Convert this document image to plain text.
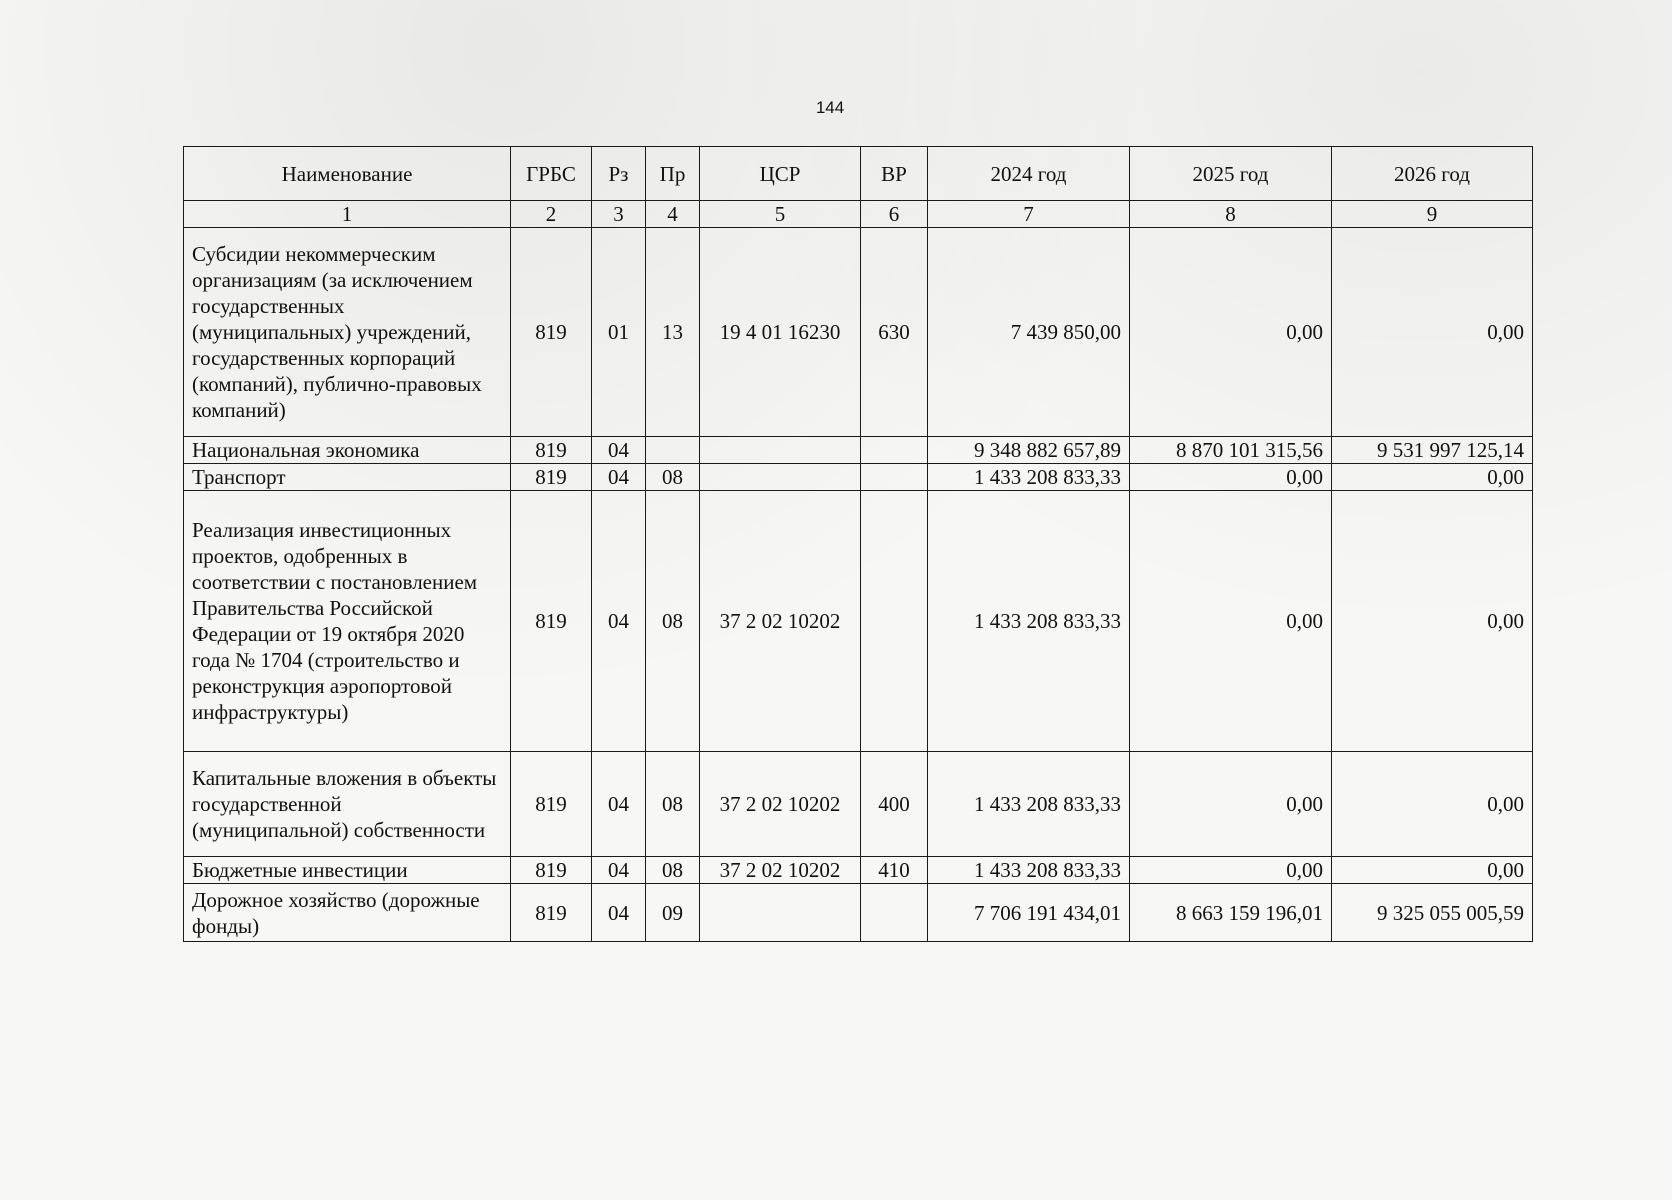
144
Наименование	ГРБС	Рз	Пр	ЦСР	ВР	2024 год	2025 год	2026 год
1	2	3	4	5	6	7	8	9
Субсидии некоммерческим организациям (за исключением государственных (муниципальных) учреждений, государственных корпораций (компаний), публично-правовых компаний)	819	01	13	19 4 01 16230	630	7 439 850,00	0,00	0,00
Национальная экономика	819	04				9 348 882 657,89	8 870 101 315,56	9 531 997 125,14
Транспорт	819	04	08			1 433 208 833,33	0,00	0,00
Реализация инвестиционных проектов, одобренных в соответствии с постановлением Правительства Российской Федерации от 19 октября 2020 года № 1704 (строительство и реконструкция аэропортовой инфраструктуры)	819	04	08	37 2 02 10202		1 433 208 833,33	0,00	0,00
Капитальные вложения в объекты государственной (муниципальной) собственности	819	04	08	37 2 02 10202	400	1 433 208 833,33	0,00	0,00
Бюджетные инвестиции	819	04	08	37 2 02 10202	410	1 433 208 833,33	0,00	0,00
Дорожное хозяйство (дорожные фонды)	819	04	09			7 706 191 434,01	8 663 159 196,01	9 325 055 005,59
